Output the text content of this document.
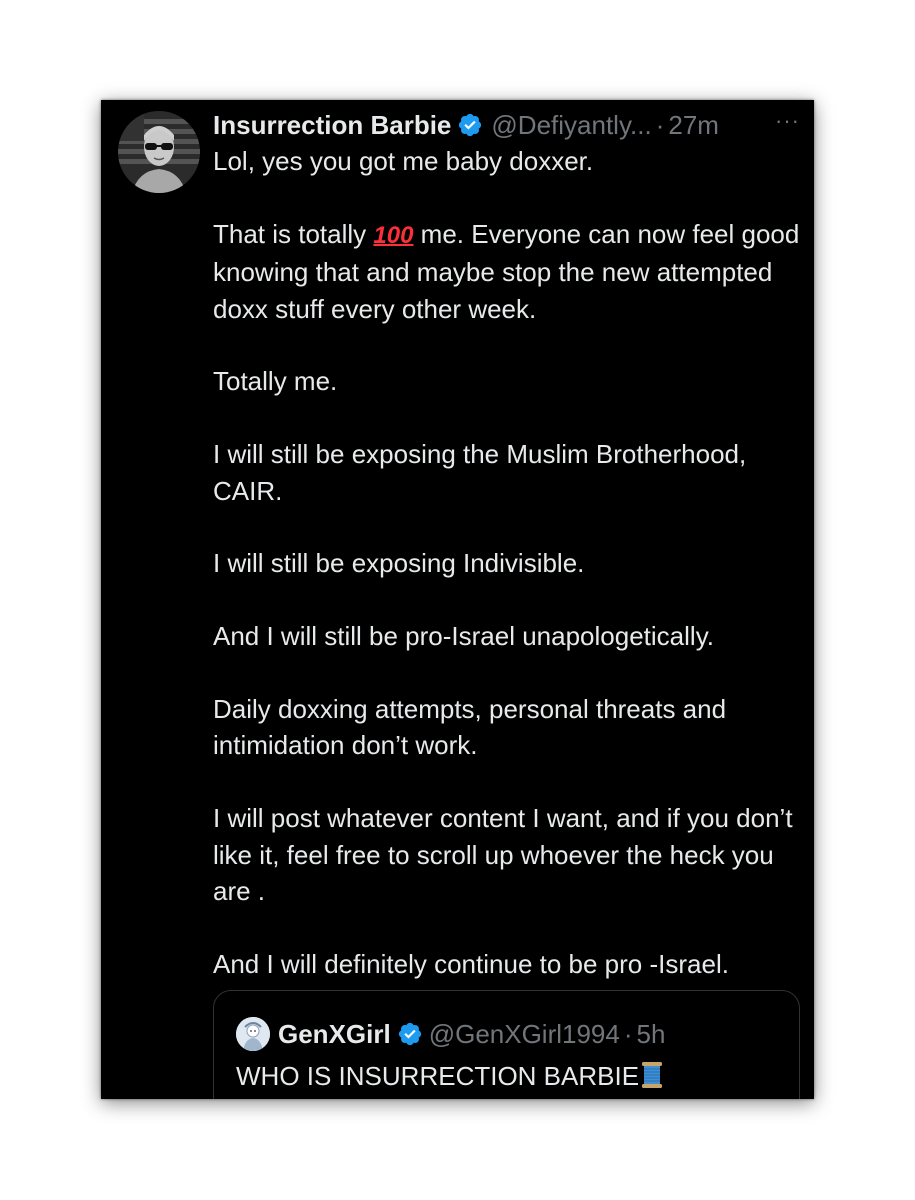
Insurrection Barbie @Defiyantly... · 27m	···
Lol, yes you got me baby doxxer.
That is totally 100 me. Everyone can now feel good knowing that and maybe stop the new attempted doxx stuff every other week.
Totally me.
I will still be exposing the Muslim Brotherhood, CAIR.
I will still be exposing Indivisible.
And I will still be pro-Israel unapologetically.
Daily doxxing attempts, personal threats and intimidation don’t work.
I will post whatever content I want, and if you don’t like it, feel free to scroll up whoever the heck you are .
And I will definitely continue to be pro -Israel.
GenXGirl @GenXGirl1994 · 5h
WHO IS INSURRECTION BARBIE
